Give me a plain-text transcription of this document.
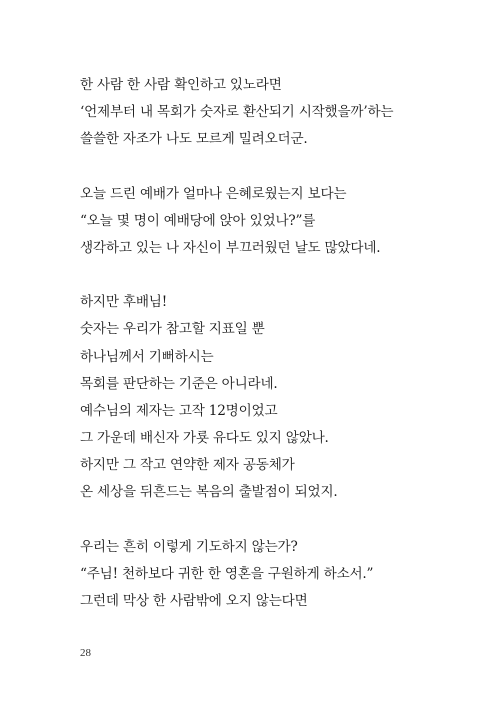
한 사람 한 사람 확인하고 있노라면
‘언제부터 내 목회가 숫자로 환산되기 시작했을까’하는
쓸쓸한 자조가 나도 모르게 밀려오더군.
오늘 드린 예배가 얼마나 은혜로웠는지 보다는
“오늘 몇 명이 예배당에 앉아 있었나?”를
생각하고 있는 나 자신이 부끄러웠던 날도 많았다네.
하지만 후배님!
숫자는 우리가 참고할 지표일 뿐
하나님께서 기뻐하시는
목회를 판단하는 기준은 아니라네.
예수님의 제자는 고작 12명이었고
그 가운데 배신자 가룟 유다도 있지 않았나.
하지만 그 작고 연약한 제자 공동체가
온 세상을 뒤흔드는 복음의 출발점이 되었지.
우리는 흔히 이렇게 기도하지 않는가?
“주님! 천하보다 귀한 한 영혼을 구원하게 하소서.”
그런데 막상 한 사람밖에 오지 않는다면
28
